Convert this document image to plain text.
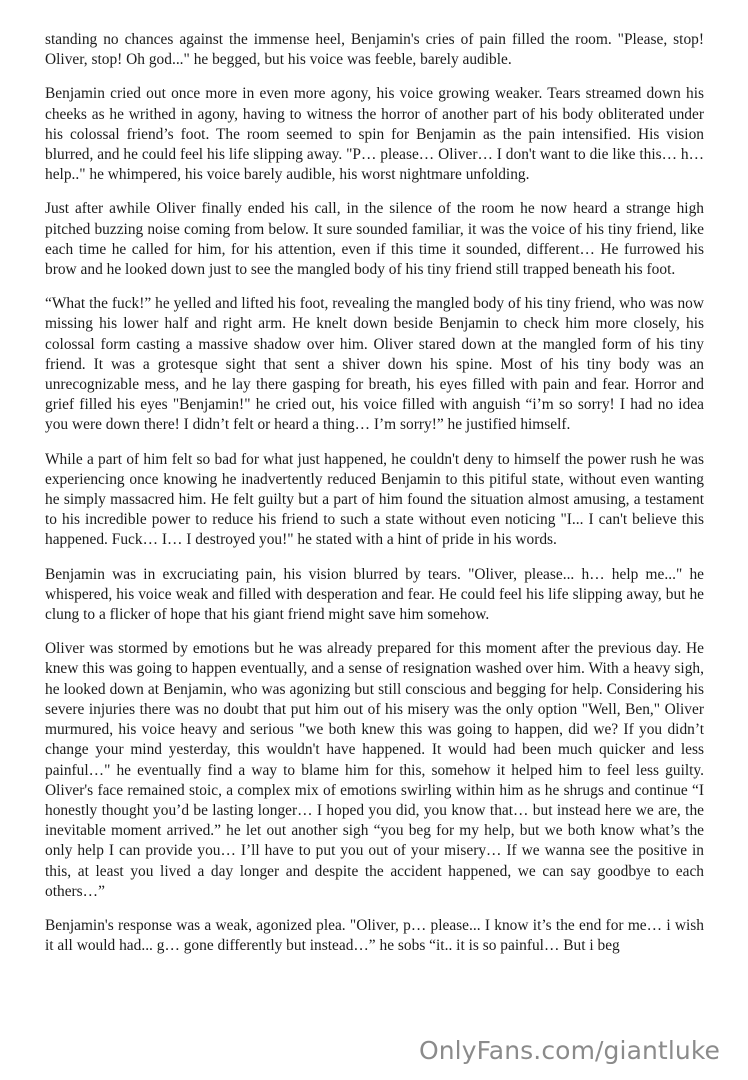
standing no chances against the immense heel, Benjamin's cries of pain filled the room. "Please, stop! Oliver, stop! Oh god..." he begged, but his voice was feeble, barely audible.

Benjamin cried out once more in even more agony, his voice growing weaker. Tears streamed down his cheeks as he writhed in agony, having to witness the horror of another part of his body obliterated under his colossal friend’s foot. The room seemed to spin for Benjamin as the pain intensified. His vision blurred, and he could feel his life slipping away. "P… please… Oliver… I don't want to die like this… h… help.." he whimpered, his voice barely audible, his worst nightmare unfolding.

Just after awhile Oliver finally ended his call, in the silence of the room he now heard a strange high pitched buzzing noise coming from below. It sure sounded familiar, it was the voice of his tiny friend, like each time he called for him, for his attention, even if this time it sounded, different… He furrowed his brow and he looked down just to see the mangled body of his tiny friend still trapped beneath his foot.

“What the fuck!” he yelled and lifted his foot, revealing the mangled body of his tiny friend, who was now missing his lower half and right arm. He knelt down beside Benjamin to check him more closely, his colossal form casting a massive shadow over him. Oliver stared down at the mangled form of his tiny friend. It was a grotesque sight that sent a shiver down his spine. Most of his tiny body was an unrecognizable mess, and he lay there gasping for breath, his eyes filled with pain and fear. Horror and grief filled his eyes "Benjamin!" he cried out, his voice filled with anguish “i’m so sorry! I had no idea you were down there! I didn’t felt or heard a thing… I’m sorry!” he justified himself.

While a part of him felt so bad for what just happened, he couldn't deny to himself the power rush he was experiencing once knowing he inadvertently reduced Benjamin to this pitiful state, without even wanting he simply massacred him. He felt guilty but a part of him found the situation almost amusing, a testament to his incredible power to reduce his friend to such a state without even noticing "I... I can't believe this happened. Fuck… I… I destroyed you!" he stated with a hint of pride in his words.

Benjamin was in excruciating pain, his vision blurred by tears. "Oliver, please... h… help me..." he whispered, his voice weak and filled with desperation and fear. He could feel his life slipping away, but he clung to a flicker of hope that his giant friend might save him somehow.

Oliver was stormed by emotions but he was already prepared for this moment after the previous day. He knew this was going to happen eventually, and a sense of resignation washed over him. With a heavy sigh, he looked down at Benjamin, who was agonizing but still conscious and begging for help. Considering his severe injuries there was no doubt that put him out of his misery was the only option "Well, Ben," Oliver murmured, his voice heavy and serious "we both knew this was going to happen, did we? If you didn’t change your mind yesterday, this wouldn't have happened. It would had been much quicker and less painful…" he eventually find a way to blame him for this, somehow it helped him to feel less guilty. Oliver's face remained stoic, a complex mix of emotions swirling within him as he shrugs and continue “I honestly thought you’d be lasting longer… I hoped you did, you know that… but instead here we are, the inevitable moment arrived.” he let out another sigh “you beg for my help, but we both know what’s the only help I can provide you… I’ll have to put you out of your misery… If we wanna see the positive in this, at least you lived a day longer and despite the accident happened, we can say goodbye to each others…”

Benjamin's response was a weak, agonized plea. "Oliver, p… please... I know it’s the end for me… i wish it all would had... g… gone differently but instead…” he sobs “it.. it is so painful… But i beg

OnlyFans.com/giantluke
